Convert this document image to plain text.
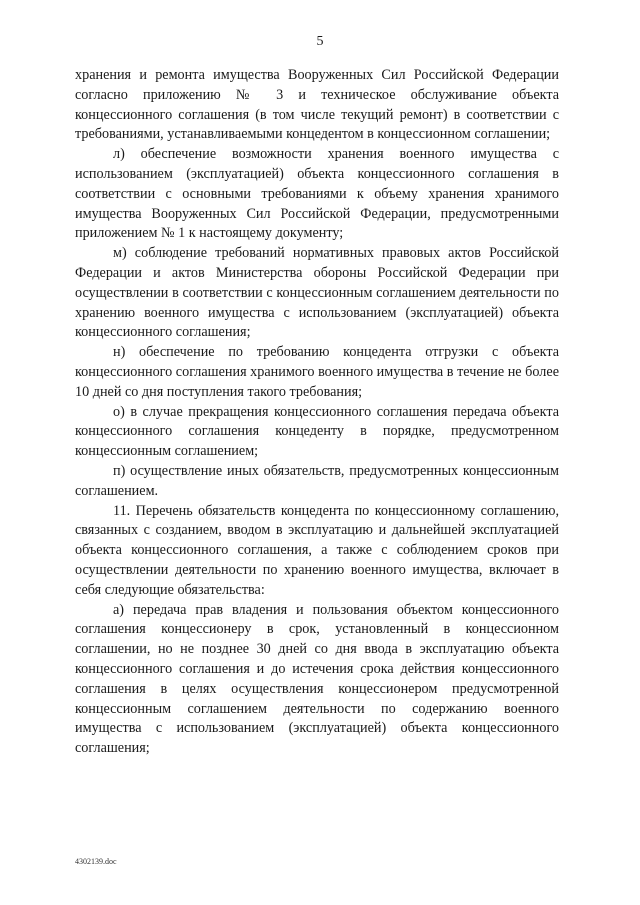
5

хранения и ремонта имущества Вооруженных Сил Российской Федерации согласно приложению № 3 и техническое обслуживание объекта концессионного соглашения (в том числе текущий ремонт) в соответствии с требованиями, устанавливаемыми концедентом в концессионном соглашении;

л) обеспечение возможности хранения военного имущества с использованием (эксплуатацией) объекта концессионного соглашения в соответствии с основными требованиями к объему хранения хранимого имущества Вооруженных Сил Российской Федерации, предусмотренными приложением № 1 к настоящему документу;

м) соблюдение требований нормативных правовых актов Российской Федерации и актов Министерства обороны Российской Федерации при осуществлении в соответствии с концессионным соглашением деятельности по хранению военного имущества с использованием (эксплуатацией) объекта концессионного соглашения;

н) обеспечение по требованию концедента отгрузки с объекта концессионного соглашения хранимого военного имущества в течение не более 10 дней со дня поступления такого требования;

о) в случае прекращения концессионного соглашения передача объекта концессионного соглашения концеденту в порядке, предусмотренном концессионным соглашением;

п) осуществление иных обязательств, предусмотренных концессионным соглашением.

11. Перечень обязательств концедента по концессионному соглашению, связанных с созданием, вводом в эксплуатацию и дальнейшей эксплуатацией объекта концессионного соглашения, а также с соблюдением сроков при осуществлении деятельности по хранению военного имущества, включает в себя следующие обязательства:

а) передача прав владения и пользования объектом концессионного соглашения концессионеру в срок, установленный в концессионном соглашении, но не позднее 30 дней со дня ввода в эксплуатацию объекта концессионного соглашения и до истечения срока действия концессионного соглашения в целях осуществления концессионером предусмотренной концессионным соглашением деятельности по содержанию военного имущества с использованием (эксплуатацией) объекта концессионного соглашения;

4302139.doc
